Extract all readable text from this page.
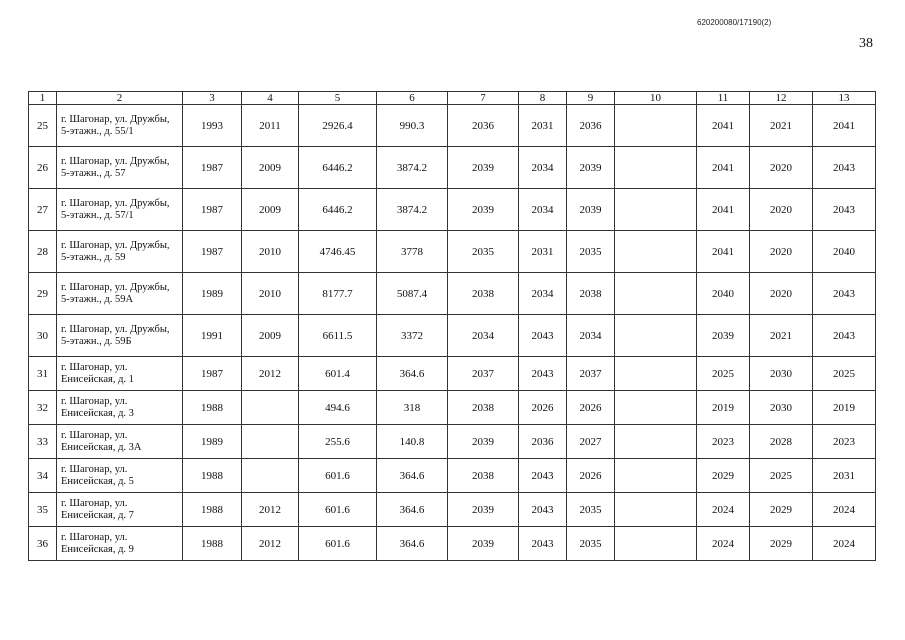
620200080/17190(2)
38
1	2	3	4	5	6	7	8	9	10	11	12	13
25	г. Шагонар, ул. Дружбы, 5-этажн., д. 55/1	1993	2011	2926.4	990.3	2036	2031	2036		2041	2021	2041
26	г. Шагонар, ул. Дружбы, 5-этажн., д. 57	1987	2009	6446.2	3874.2	2039	2034	2039		2041	2020	2043
27	г. Шагонар, ул. Дружбы, 5-этажн., д. 57/1	1987	2009	6446.2	3874.2	2039	2034	2039		2041	2020	2043
28	г. Шагонар, ул. Дружбы, 5-этажн., д. 59	1987	2010	4746.45	3778	2035	2031	2035		2041	2020	2040
29	г. Шагонар, ул. Дружбы, 5-этажн., д. 59А	1989	2010	8177.7	5087.4	2038	2034	2038		2040	2020	2043
30	г. Шагонар, ул. Дружбы, 5-этажн., д. 59Б	1991	2009	6611.5	3372	2034	2043	2034		2039	2021	2043
31	г. Шагонар, ул. Енисейская, д. 1	1987	2012	601.4	364.6	2037	2043	2037		2025	2030	2025
32	г. Шагонар, ул. Енисейская, д. 3	1988		494.6	318	2038	2026	2026		2019	2030	2019
33	г. Шагонар, ул. Енисейская, д. 3А	1989		255.6	140.8	2039	2036	2027		2023	2028	2023
34	г. Шагонар, ул. Енисейская, д. 5	1988		601.6	364.6	2038	2043	2026		2029	2025	2031
35	г. Шагонар, ул. Енисейская, д. 7	1988	2012	601.6	364.6	2039	2043	2035		2024	2029	2024
36	г. Шагонар, ул. Енисейская, д. 9	1988	2012	601.6	364.6	2039	2043	2035		2024	2029	2024
